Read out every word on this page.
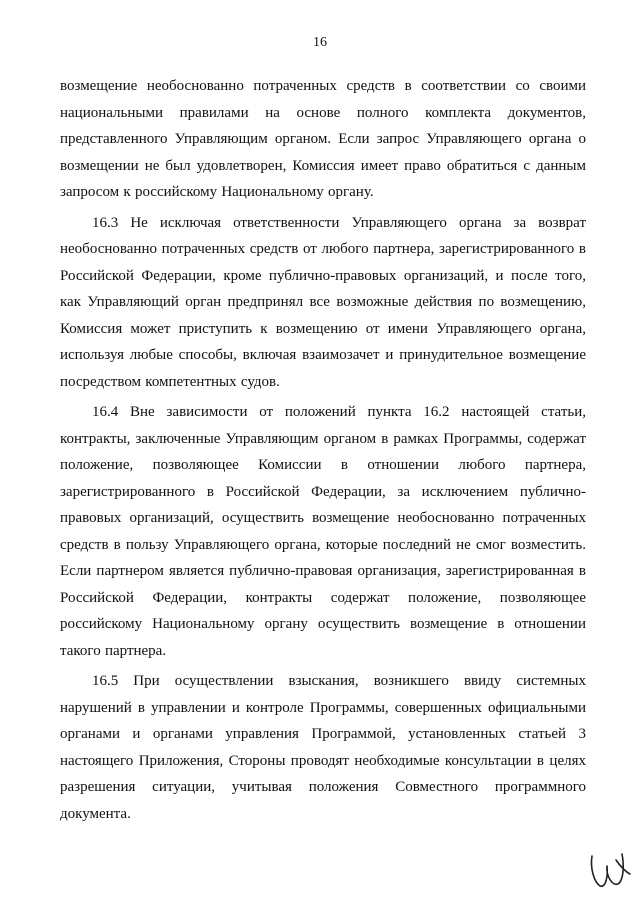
16

возмещение необоснованно потраченных средств в соответствии со своими национальными правилами на основе полного комплекта документов, представленного Управляющим органом. Если запрос Управляющего органа о возмещении не был удовлетворен, Комиссия имеет право обратиться с данным запросом к российскому Национальному органу.

16.3 Не исключая ответственности Управляющего органа за возврат необоснованно потраченных средств от любого партнера, зарегистрированного в Российской Федерации, кроме публично-правовых организаций, и после того, как Управляющий орган предпринял все возможные действия по возмещению, Комиссия может приступить к возмещению от имени Управляющего органа, используя любые способы, включая взаимозачет и принудительное возмещение посредством компетентных судов.

16.4 Вне зависимости от положений пункта 16.2 настоящей статьи, контракты, заключенные Управляющим органом в рамках Программы, содержат положение, позволяющее Комиссии в отношении любого партнера, зарегистрированного в Российской Федерации, за исключением публично-правовых организаций, осуществить возмещение необоснованно потраченных средств в пользу Управляющего органа, которые последний не смог возместить. Если партнером является публично-правовая организация, зарегистрированная в Российской Федерации, контракты содержат положение, позволяющее российскому Национальному органу осуществить возмещение в отношении такого партнера.

16.5 При осуществлении взыскания, возникшего ввиду системных нарушений в управлении и контроле Программы, совершенных официальными органами и органами управления Программой, установленных статьей 3 настоящего Приложения, Стороны проводят необходимые консультации в целях разрешения ситуации, учитывая положения Совместного программного документа.
